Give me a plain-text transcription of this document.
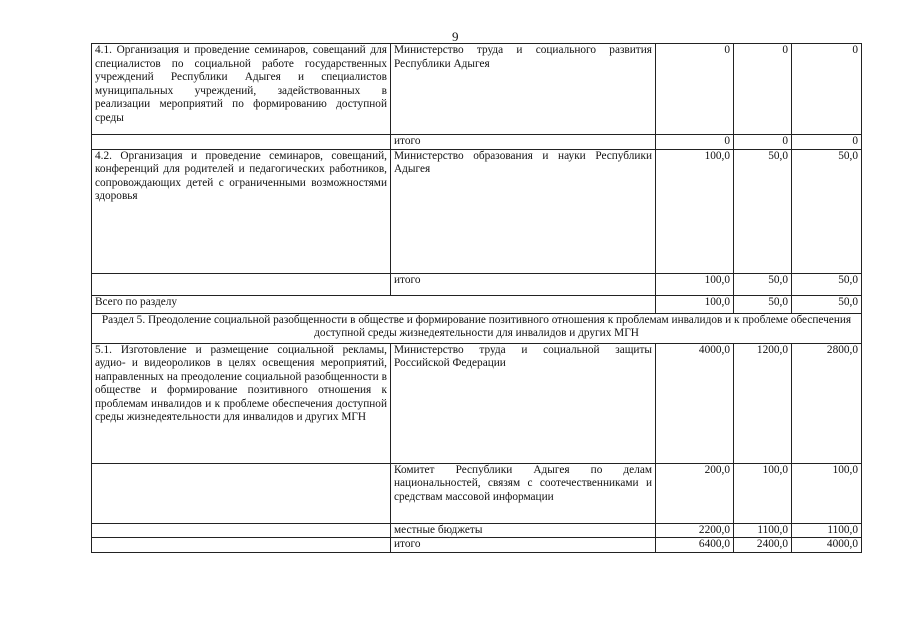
9
4.1. Организация и проведение семинаров, совещаний для специалистов по социальной работе государственных учреждений Республики Адыгея и специалистов муниципальных учреждений, задействованных в реализации мероприятий по формированию доступной среды	Министерство труда и социального развития Республики Адыгея	0	0	0
	итого	0	0	0
4.2. Организация и проведение семинаров, совещаний, конференций для родителей и педагогических работников, сопровождающих детей с ограниченными возможностями здоровья	Министерство образования и науки Республики Адыгея	100,0	50,0	50,0
	итого	100,0	50,0	50,0
Всего по разделу		100,0	50,0	50,0
Раздел 5. Преодоление социальной разобщенности в обществе и формирование позитивного отношения к проблемам инвалидов и к проблеме обеспечения доступной среды жизнедеятельности для инвалидов и других МГН				
5.1. Изготовление и размещение социальной рекламы, аудио- и видеороликов в целях освещения мероприятий, направленных на преодоление социальной разобщенности в обществе и формирование позитивного отношения к проблемам инвалидов и к проблеме обеспечения доступной среды жизнедеятельности для инвалидов и других МГН	Министерство труда и социальной защиты Российской Федерации	4000,0	1200,0	2800,0
	Комитет Республики Адыгея по делам национальностей, связям с соотечественниками и средствам массовой информации	200,0	100,0	100,0
	местные бюджеты	2200,0	1100,0	1100,0
	итого	6400,0	2400,0	4000,0
